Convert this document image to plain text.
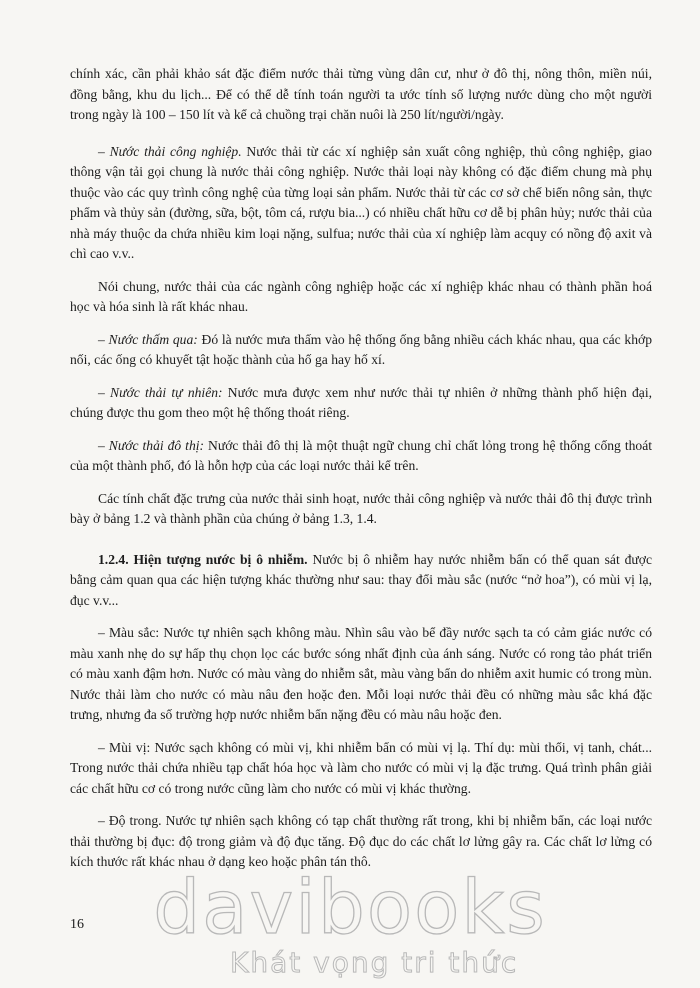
chính xác, cần phải khảo sát đặc điểm nước thải từng vùng dân cư, như ở đô thị, nông thôn, miền núi, đồng bằng, khu du lịch... Để có thể dễ tính toán người ta ước tính số lượng nước dùng cho một người trong ngày là 100 – 150 lít và kể cả chuồng trại chăn nuôi là 250 lít/người/ngày.

– Nước thải công nghiệp. Nước thải từ các xí nghiệp sản xuất công nghiệp, thủ công nghiệp, giao thông vận tải gọi chung là nước thải công nghiệp. Nước thải loại này không có đặc điểm chung mà phụ thuộc vào các quy trình công nghệ của từng loại sản phẩm. Nước thải từ các cơ sở chế biến nông sản, thực phẩm và thủy sản (đường, sữa, bột, tôm cá, rượu bia...) có nhiều chất hữu cơ dễ bị phân hủy; nước thải của nhà máy thuộc da chứa nhiều kim loại nặng, sulfua; nước thải của xí nghiệp làm acquy có nồng độ axit và chì cao v.v..

Nói chung, nước thải của các ngành công nghiệp hoặc các xí nghiệp khác nhau có thành phần hoá học và hóa sinh là rất khác nhau.

– Nước thấm qua: Đó là nước mưa thấm vào hệ thống ống bằng nhiều cách khác nhau, qua các khớp nối, các ống có khuyết tật hoặc thành của hố ga hay hố xí.

– Nước thải tự nhiên: Nước mưa được xem như nước thải tự nhiên ở những thành phố hiện đại, chúng được thu gom theo một hệ thống thoát riêng.

– Nước thải đô thị: Nước thải đô thị là một thuật ngữ chung chỉ chất lỏng trong hệ thống cống thoát của một thành phố, đó là hỗn hợp của các loại nước thải kể trên.

Các tính chất đặc trưng của nước thải sinh hoạt, nước thải công nghiệp và nước thải đô thị được trình bày ở bảng 1.2 và thành phần của chúng ở bảng 1.3, 1.4.

1.2.4. Hiện tượng nước bị ô nhiễm. Nước bị ô nhiễm hay nước nhiễm bẩn có thể quan sát được bằng cảm quan qua các hiện tượng khác thường như sau: thay đổi màu sắc (nước “nở hoa”), có mùi vị lạ, đục v.v...

– Màu sắc: Nước tự nhiên sạch không màu. Nhìn sâu vào bể đầy nước sạch ta có cảm giác nước có màu xanh nhẹ do sự hấp thụ chọn lọc các bước sóng nhất định của ánh sáng. Nước có rong tảo phát triển có màu xanh đậm hơn. Nước có màu vàng do nhiễm sắt, màu vàng bẩn do nhiễm axit humic có trong mùn. Nước thải làm cho nước có màu nâu đen hoặc đen. Mỗi loại nước thải đều có những màu sắc khá đặc trưng, nhưng đa số trường hợp nước nhiễm bẩn nặng đều có màu nâu hoặc đen.

– Mùi vị: Nước sạch không có mùi vị, khi nhiễm bẩn có mùi vị lạ. Thí dụ: mùi thối, vị tanh, chát... Trong nước thải chứa nhiều tạp chất hóa học và làm cho nước có mùi vị lạ đặc trưng. Quá trình phân giải các chất hữu cơ có trong nước cũng làm cho nước có mùi vị khác thường.

– Độ trong. Nước tự nhiên sạch không có tạp chất thường rất trong, khi bị nhiễm bẩn, các loại nước thải thường bị đục: độ trong giảm và độ đục tăng. Độ đục do các chất lơ lửng gây ra. Các chất lơ lửng có kích thước rất khác nhau ở dạng keo hoặc phân tán thô.

davibooks
Khát vọng tri thức
16
